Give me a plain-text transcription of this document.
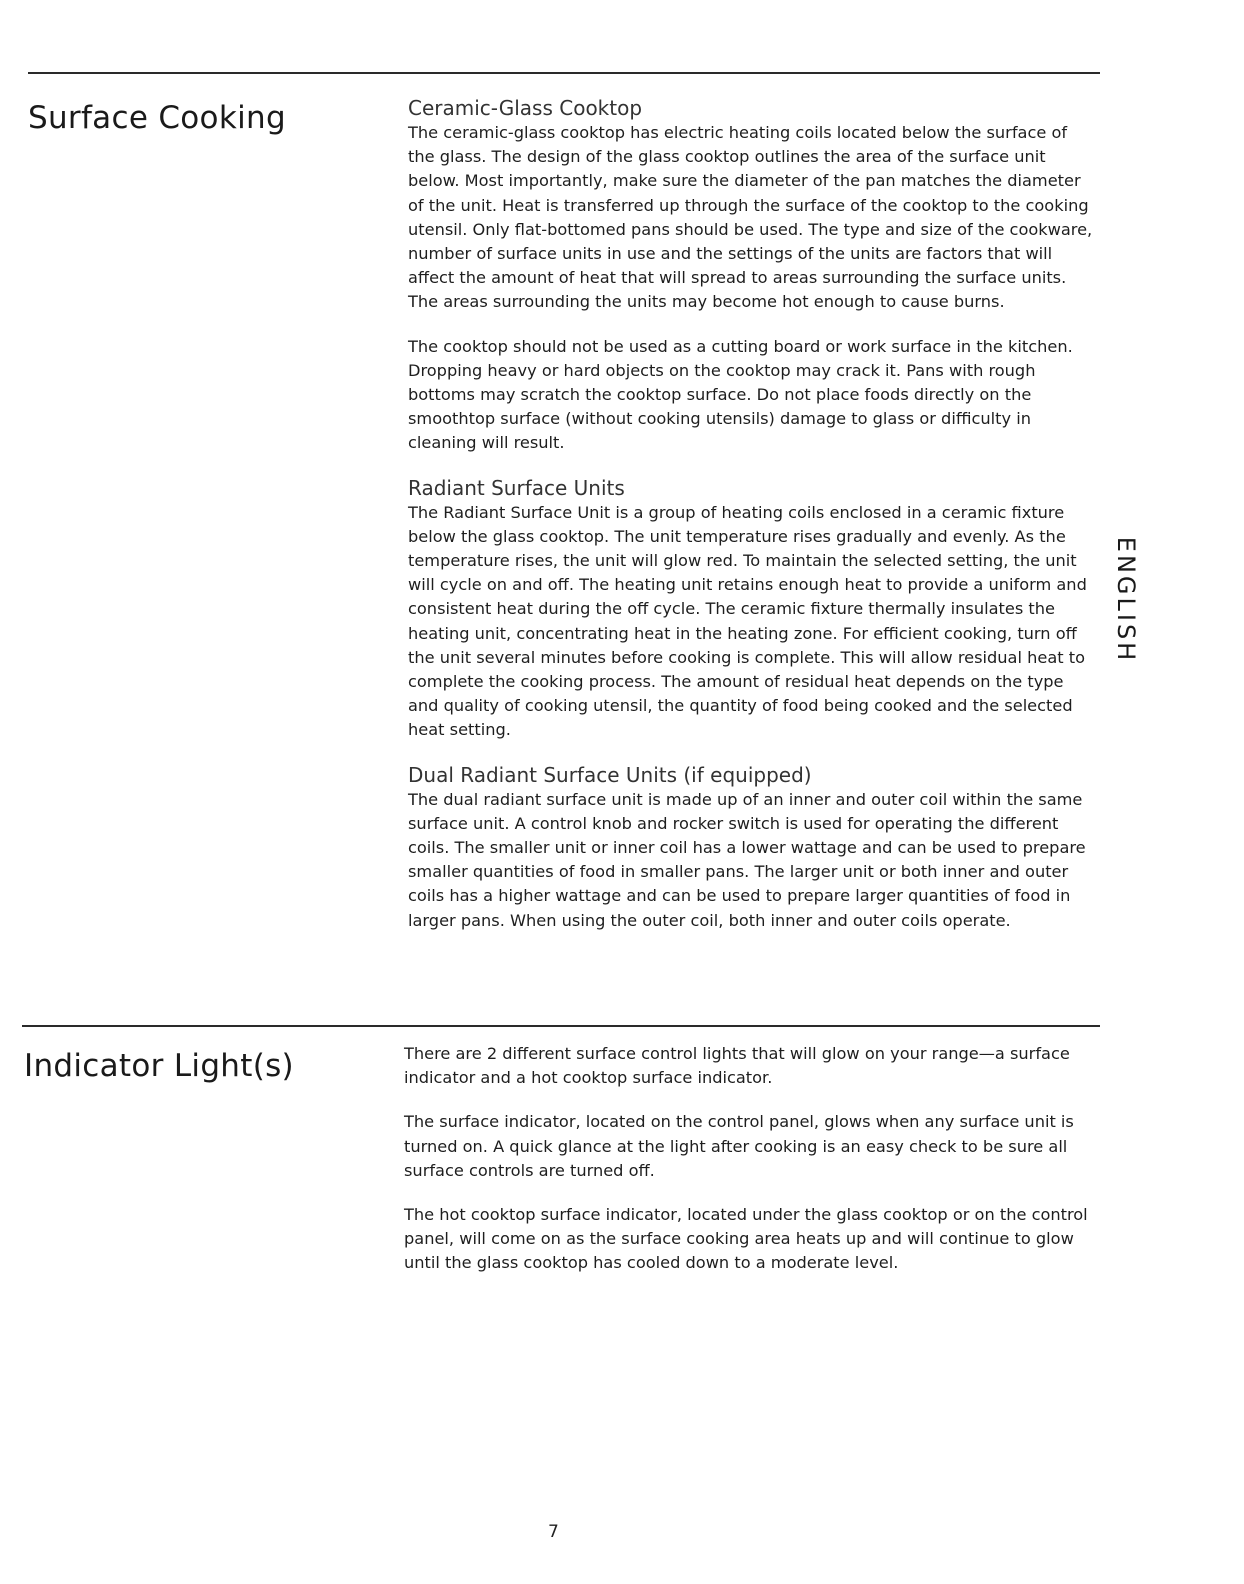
Surface Cooking	Ceramic-Glass Cooktop

The ceramic-glass cooktop has electric heating coils located below the surface of the glass. The design of the glass cooktop outlines the area of the surface unit below. Most importantly, make sure the diameter of the pan matches the diameter of the unit. Heat is transferred up through the surface of the cooktop to the cooking utensil. Only flat-bottomed pans should be used. The type and size of the cookware, number of surface units in use and the settings of the units are factors that will affect the amount of heat that will spread to areas surrounding the surface units. The areas surrounding the units may become hot enough to cause burns.

The cooktop should not be used as a cutting board or work surface in the kitchen. Dropping heavy or hard objects on the cooktop may crack it. Pans with rough bottoms may scratch the cooktop surface. Do not place foods directly on the smoothtop surface (without cooking utensils) damage to glass or difficulty in cleaning will result.

Radiant Surface Units

The Radiant Surface Unit is a group of heating coils enclosed in a ceramic fixture below the glass cooktop. The unit temperature rises gradually and evenly. As the temperature rises, the unit will glow red. To maintain the selected setting, the unit will cycle on and off. The heating unit retains enough heat to provide a uniform and consistent heat during the off cycle. The ceramic fixture thermally insulates the heating unit, concentrating heat in the heating zone. For efficient cooking, turn off the unit several minutes before cooking is complete. This will allow residual heat to complete the cooking process. The amount of residual heat depends on the type and quality of cooking utensil, the quantity of food being cooked and the selected heat setting.

Dual Radiant Surface Units (if equipped)

The dual radiant surface unit is made up of an inner and outer coil within the same surface unit. A control knob and rocker switch is used for operating the different coils. The smaller unit or inner coil has a lower wattage and can be used to prepare smaller quantities of food in smaller pans. The larger unit or both inner and outer coils has a higher wattage and can be used to prepare larger quantities of food in larger pans. When using the outer coil, both inner and outer coils operate.

Indicator Light(s)	There are 2 different surface control lights that will glow on your range—a surface indicator and a hot cooktop surface indicator.

The surface indicator, located on the control panel, glows when any surface unit is turned on. A quick glance at the light after cooking is an easy check to be sure all surface controls are turned off.

The hot cooktop surface indicator, located under the glass cooktop or on the control panel, will come on as the surface cooking area heats up and will continue to glow until the glass cooktop has cooled down to a moderate level.

ENGLISH
7
